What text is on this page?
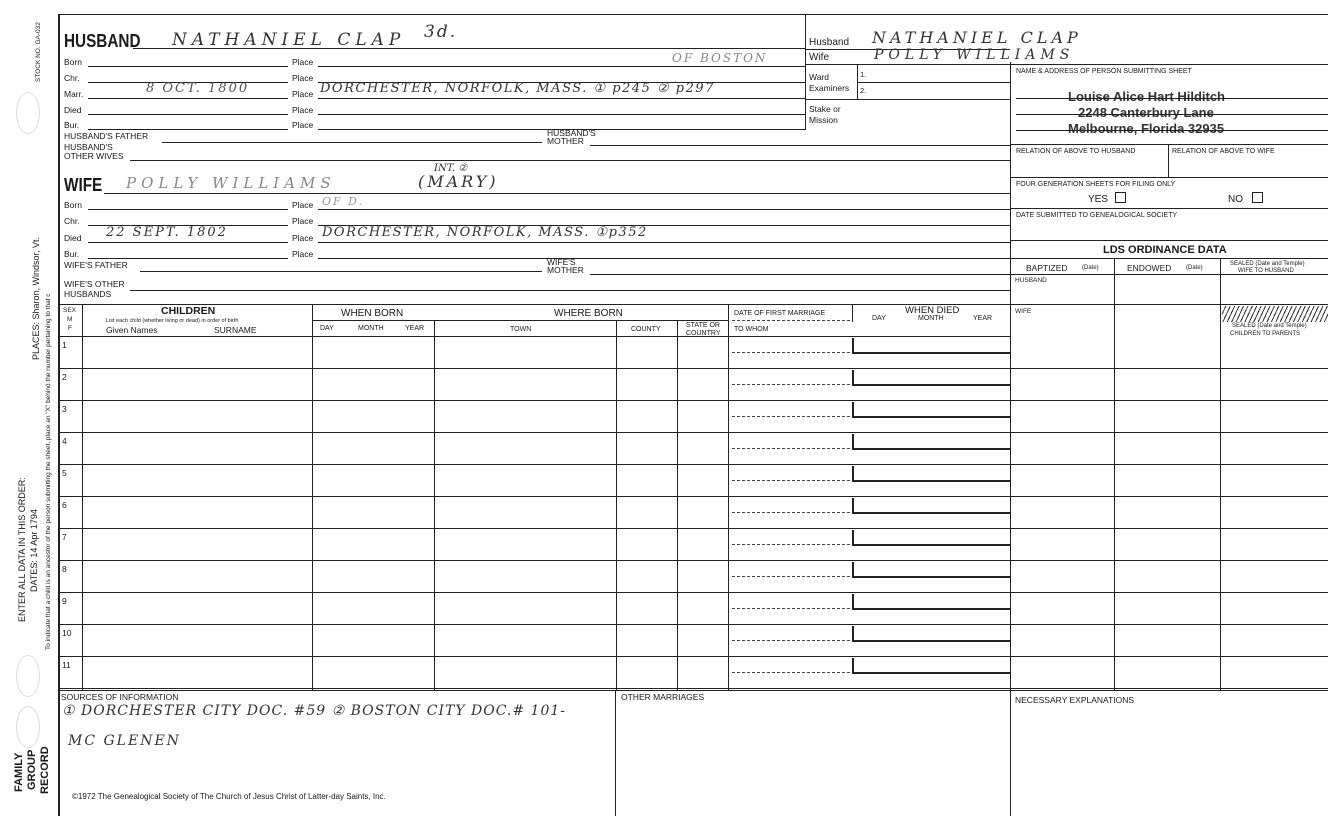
STOCK NO. GA-032
To indicate that a child is an ancestor of the person submitting the sheet, place an "X" behind the number pertaining to that c
PLACES: Sharon, Windsor, Vt.
ENTER ALL DATA IN THIS ORDER: DATES: 14 Apr 1794
FAMILY GROUP RECORD
HUSBAND NATHANIEL CLAP 3d.
Born	Place	OF BOSTON
Chr.	Place
Marr.	8 OCT. 1800	Place DORCHESTER, NORFOLK, MASS. ① p245 ② p297
Died	Place
Bur.	Place
HUSBAND'S FATHER	HUSBAND'S
MOTHER
HUSBAND'S
OTHER WIVES
WIFE POLLY WILLIAMS
INT. ②
(MARY)
Born	Place OF D.
Chr.	Place
Died 22 SEPT. 1802	Place DORCHESTER, NORFOLK, MASS. ①p352
Bur.	Place
WIFE'S FATHER	WIFE'S
MOTHER
WIFE'S OTHER
HUSBANDS
Husband NATHANIEL CLAP
Wife	POLLY WILLIAMS
Ward
Examiners
1.
2.
Stake or
Mission
NAME & ADDRESS OF PERSON SUBMITTING SHEET
Louise Alice Hart Hilditch
2248 Canterbury Lane
Melbourne, Florida 32935
RELATION OF ABOVE TO HUSBAND	RELATION OF ABOVE TO WIFE
FOUR GENERATION SHEETS FOR FILING ONLY
YES	NO
DATE SUBMITTED TO GENEALOGICAL SOCIETY
LDS ORDINANCE DATA
BAPTIZED (Date)	ENDOWED (Date)
SEALED (Date and Temple)
WIFE TO HUSBAND
HUSBAND
WIFE
SEALED (Date and Temple)
CHILDREN TO PARENTS
SEX
M
F
CHILDREN
List each child (whether living or dead) in order of birth
Given Names	SURNAME
WHEN BORN
DAY	MONTH	YEAR
WHERE BORN
TOWN	COUNTY
STATE OR
COUNTRY
DATE OF FIRST MARRIAGE
TO WHOM
WHEN DIED
DAY	MONTH	YEAR
1
2
3
4
5
6
7
8
9
10
11
SOURCES OF INFORMATION
① DORCHESTER CITY DOC. #59 ② BOSTON CITY DOC.# 101-
MC GLENEN
OTHER MARRIAGES	NECESSARY EXPLANATIONS
©1972 The Genealogical Society of The Church of Jesus Christ of Latter-day Saints, Inc.
